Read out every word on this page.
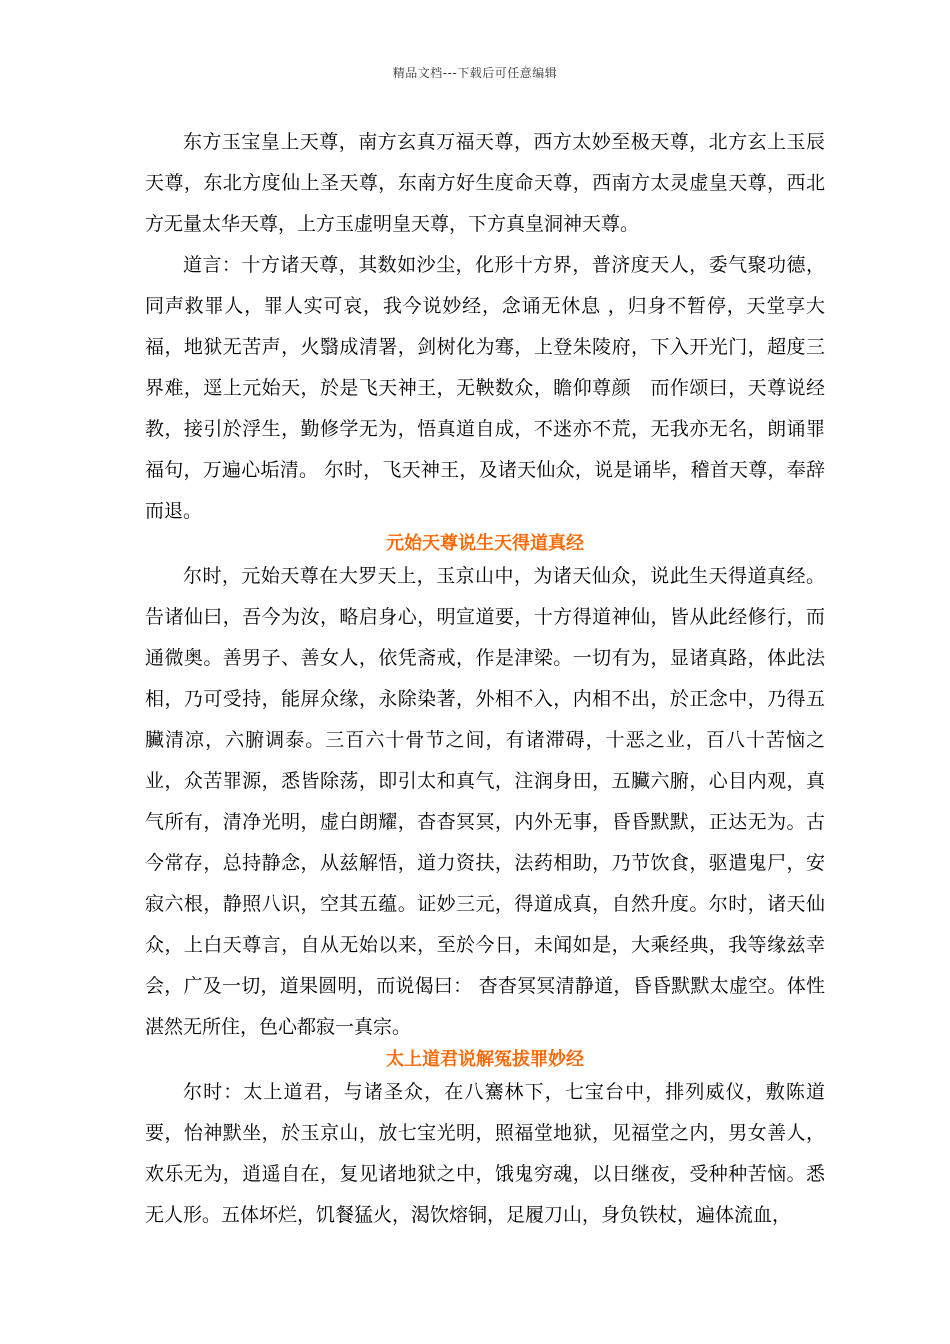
精品文档---下载后可任意编辑

东方玉宝皇上天尊，南方玄真万福天尊，西方太妙至极天尊，北方玄上玉辰天尊，东北方度仙上圣天尊，东南方好生度命天尊，西南方太灵虚皇天尊，西北方无量太华天尊，上方玉虚明皇天尊，下方真皇洞神天尊。

道言：十方诸天尊，其数如沙尘，化形十方界，普济度天人，委气聚功德，同声救罪人，罪人实可哀，我今说妙经，念诵无休息 ，归身不暂停，天堂享大福，地狱无苦声，火翳成清署，剑树化为骞，上登朱陵府，下入开光门，超度三界难，逕上元始天，於是飞天神王，无鞅数众，瞻仰尊颜　而作颂曰，天尊说经教，接引於浮生，勤修学无为，悟真道自成，不迷亦不荒，无我亦无名，朗诵罪福句，万遍心垢清。 尔时，飞天神王，及诸天仙众，说是诵毕，稽首天尊，奉辞而退。

元始天尊说生天得道真经

尔时，元始天尊在大罗天上，玉京山中，为诸天仙众，说此生天得道真经。告诸仙曰，吾今为汝，略启身心，明宣道要，十方得道神仙，皆从此经修行，而通微奥。善男子、善女人，依凭斋戒，作是津梁。一切有为，显诸真路，体此法相，乃可受持，能屏众缘，永除染著，外相不入，内相不出，於正念中，乃得五臟清凉，六腑调泰。三百六十骨节之间，有诸滞碍，十恶之业，百八十苦恼之业，众苦罪源，悉皆除荡，即引太和真气，注润身田，五臟六腑，心目内观，真气所有，清净光明，虚白朗耀，杳杳冥冥，内外无事，昏昏默默，正达无为。古今常存，总持静念，从兹解悟，道力资扶，法药相助，乃节饮食，驱遣鬼尸，安寂六根，静照八识，空其五蕴。证妙三元，得道成真，自然升度。尔时，诸天仙众，上白天尊言，自从无始以来，至於今日，未闻如是，大乘经典，我等缘兹幸会，广及一切，道果圆明，而说偈曰： 杳杳冥冥清静道，昏昏默默太虚空。体性湛然无所住，色心都寂一真宗。

太上道君说解冤拔罪妙经

尔时：太上道君，与诸圣众，在八騫林下，七宝台中，排列威仪，敷陈道要，怡神默坐，於玉京山，放七宝光明，照福堂地狱，见福堂之内，男女善人，欢乐无为，逍遥自在，复见诸地狱之中，饿鬼穷魂，以日继夜，受种种苦恼。悉无人形。五体坏烂，饥餐猛火，渴饮熔铜，足履刀山，身负铁杖，遍体流血，
